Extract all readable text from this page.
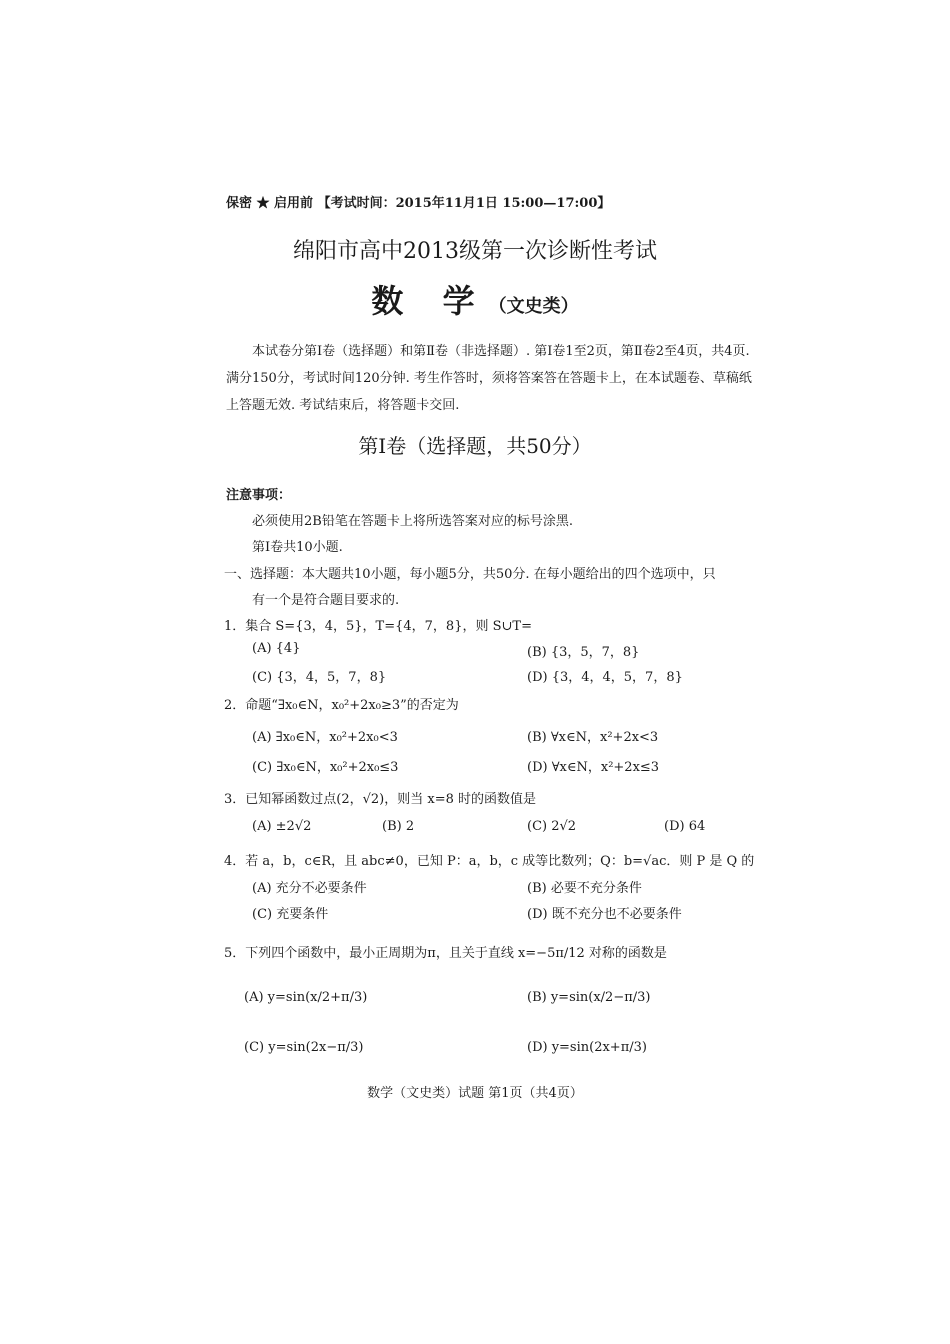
保密 ★ 启用前 【考试时间：2015年11月1日 15:00—17:00】
绵阳市高中2013级第一次诊断性考试
数 学（文史类）
本试卷分第Ⅰ卷（选择题）和第Ⅱ卷（非选择题）. 第Ⅰ卷1至2页，第Ⅱ卷2至4页，共4页. 满分150分，考试时间120分钟. 考生作答时，须将答案答在答题卡上，在本试题卷、草稿纸上答题无效. 考试结束后，将答题卡交回.
第Ⅰ卷（选择题，共50分）
注意事项：
必须使用2B铅笔在答题卡上将所选答案对应的标号涂黑.
第Ⅰ卷共10小题.
一、选择题：本大题共10小题，每小题5分，共50分. 在每小题给出的四个选项中，只
有一个是符合题目要求的.
1．集合 S={3，4，5}，T={4，7，8}，则 S∪T=
(A) {4}	(B) {3，5，7，8}
(C) {3，4，5，7，8}	(D) {3，4，4，5，7，8}
2．命题“∃x₀∈N，x₀²+2x₀≥3”的否定为
(A) ∃x₀∈N，x₀²+2x₀<3	(B) ∀x∈N，x²+2x<3
(C) ∃x₀∈N，x₀²+2x₀≤3	(D) ∀x∈N，x²+2x≤3
3．已知幂函数过点(2，√2)，则当 x=8 时的函数值是
(A) ±2√2	(B) 2	(C) 2√2	(D) 64
4．若 a，b，c∈R，且 abc≠0，已知 P：a，b，c 成等比数列；Q：b=√ac．则 P 是 Q 的
(A) 充分不必要条件	(B) 必要不充分条件
(C) 充要条件	(D) 既不充分也不必要条件
5．下列四个函数中，最小正周期为π，且关于直线 x=−5π/12 对称的函数是
(A) y=sin(x/2+π/3)	(B) y=sin(x/2−π/3)
(C) y=sin(2x−π/3)	(D) y=sin(2x+π/3)
数学（文史类）试题 第1页（共4页）
